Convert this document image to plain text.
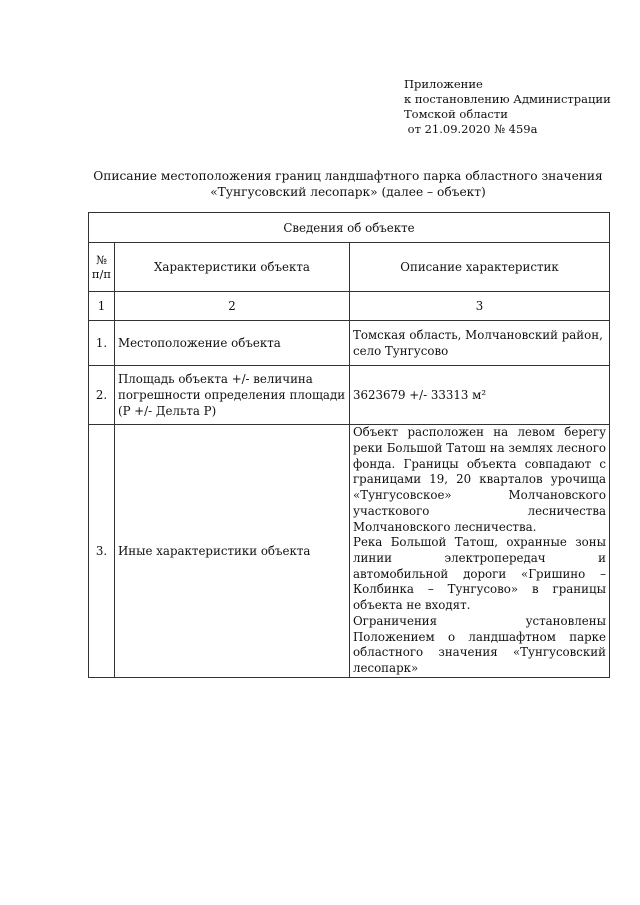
Приложение
к постановлению Администрации
Томской области
от 21.09.2020 № 459а
Описание местоположения границ ландшафтного парка областного значения
«Тунгусовский лесопарк» (далее – объект)
Сведения об объекте		
№ п/п	Характеристики объекта	Описание характеристик
1	2	3
1.	Местоположение объекта	Томская область, Молчановский район, село Тунгусово
2.	Площадь объекта +/- величина погрешности определения площади (P +/- Дельта P)	3623679 +/- 33313 м²
3.	Иные характеристики объекта	Объект расположен на левом берегу реки Большой Татош на землях лесного фонда. Границы объекта совпадают с границами 19, 20 кварталов урочища «Тунгусовское» Молчановского участкового лесничества Молчановского лесничества.

Река Большой Татош, охранные зоны линии электропередач и автомобильной дороги «Гришино – Колбинка – Тунгусово» в границы объекта не входят.

Ограничения установлены Положением о ландшафтном парке областного значения «Тунгусовский лесопарк»
